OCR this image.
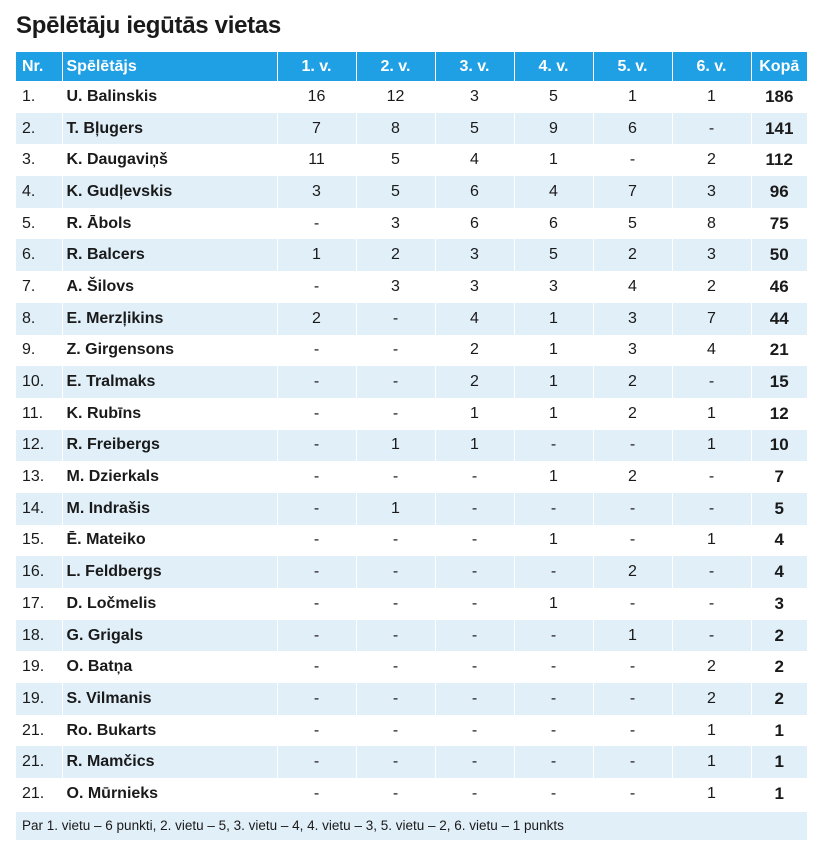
Spēlētāju iegūtās vietas
Nr.	Spēlētājs	1. v.	2. v.	3. v.	4. v.	5. v.	6. v.	Kopā
1.	U. Balinskis	16	12	3	5	1	1	186
2.	T. Bļugers	7	8	5	9	6	-	141
3.	K. Daugaviņš	11	5	4	1	-	2	112
4.	K. Gudļevskis	3	5	6	4	7	3	96
5.	R. Ābols	-	3	6	6	5	8	75
6.	R. Balcers	1	2	3	5	2	3	50
7.	A. Šilovs	-	3	3	3	4	2	46
8.	E. Merzļikins	2	-	4	1	3	7	44
9.	Z. Girgensons	-	-	2	1	3	4	21
10.	E. Tralmaks	-	-	2	1	2	-	15
11.	K. Rubīns	-	-	1	1	2	1	12
12.	R. Freibergs	-	1	1	-	-	1	10
13.	M. Dzierkals	-	-	-	1	2	-	7
14.	M. Indrašis	-	1	-	-	-	-	5
15.	Ē. Mateiko	-	-	-	1	-	1	4
16.	L. Feldbergs	-	-	-	-	2	-	4
17.	D. Ločmelis	-	-	-	1	-	-	3
18.	G. Grigals	-	-	-	-	1	-	2
19.	O. Batņa	-	-	-	-	-	2	2
19.	S. Vilmanis	-	-	-	-	-	2	2
21.	Ro. Bukarts	-	-	-	-	-	1	1
21.	R. Mamčics	-	-	-	-	-	1	1
21.	O. Mūrnieks	-	-	-	-	-	1	1
Par 1. vietu – 6 punkti, 2. vietu – 5, 3. vietu – 4, 4. vietu – 3, 5. vietu – 2, 6. vietu – 1 punkts
